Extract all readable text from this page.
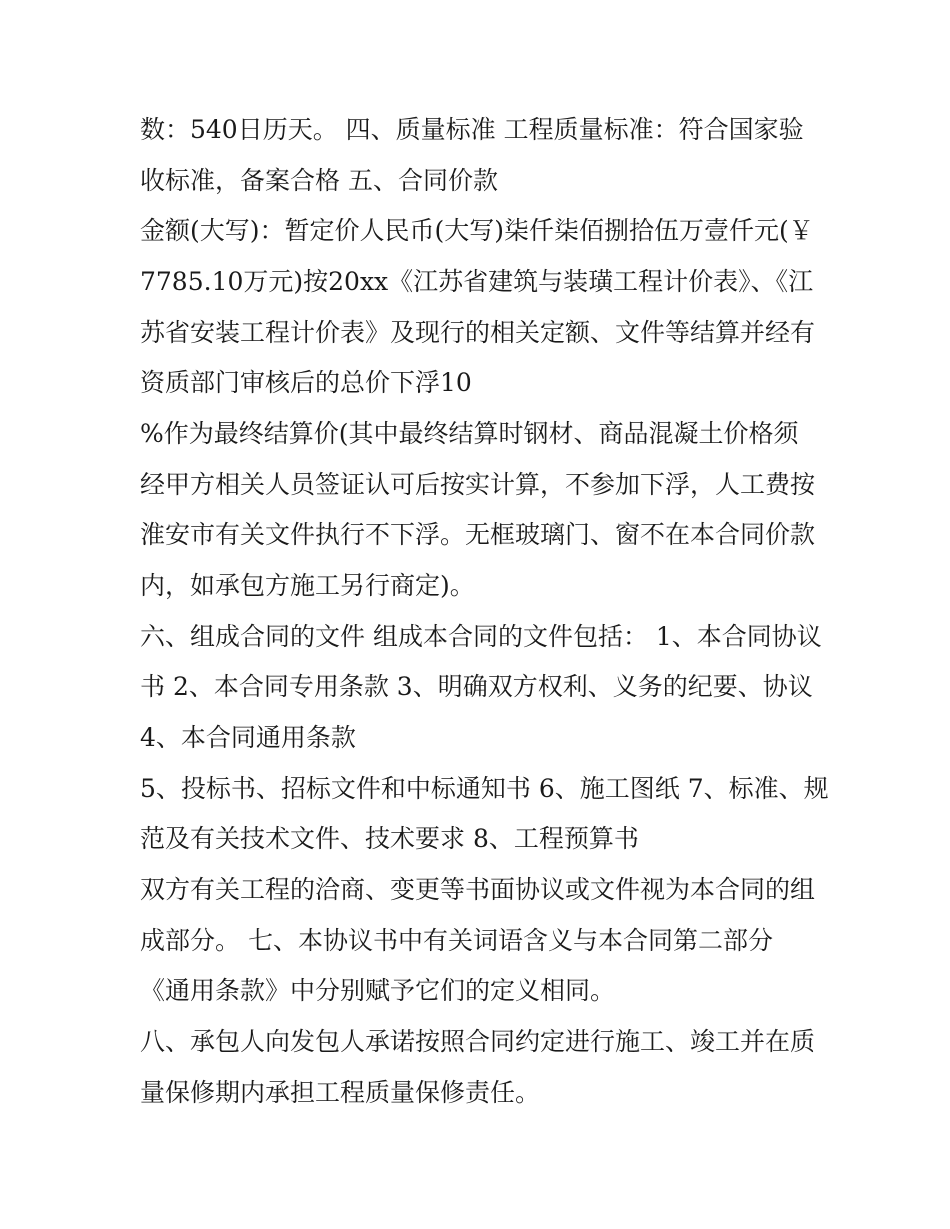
数：540日历天。 四、质量标准 工程质量标准：符合国家验
收标准，备案合格 五、合同价款
金额(大写)：暂定价人民币(大写)柒仟柒佰捌拾伍万壹仟元(￥
7785.10万元)按20xx《江苏省建筑与装璜工程计价表》、《江
苏省安装工程计价表》及现行的相关定额、文件等结算并经有
资质部门审核后的总价下浮10
%作为最终结算价(其中最终结算时钢材、商品混凝土价格须
经甲方相关人员签证认可后按实计算，不参加下浮，人工费按
淮安市有关文件执行不下浮。无框玻璃门、窗不在本合同价款
内，如承包方施工另行商定)。
六、组成合同的文件 组成本合同的文件包括： 1、本合同协议
书 2、本合同专用条款 3、明确双方权利、义务的纪要、协议
4、本合同通用条款
5、投标书、招标文件和中标通知书 6、施工图纸 7、标准、规
范及有关技术文件、技术要求 8、工程预算书
双方有关工程的洽商、变更等书面协议或文件视为本合同的组
成部分。 七、本协议书中有关词语含义与本合同第二部分
《通用条款》中分别赋予它们的定义相同。
八、承包人向发包人承诺按照合同约定进行施工、竣工并在质
量保修期内承担工程质量保修责任。
